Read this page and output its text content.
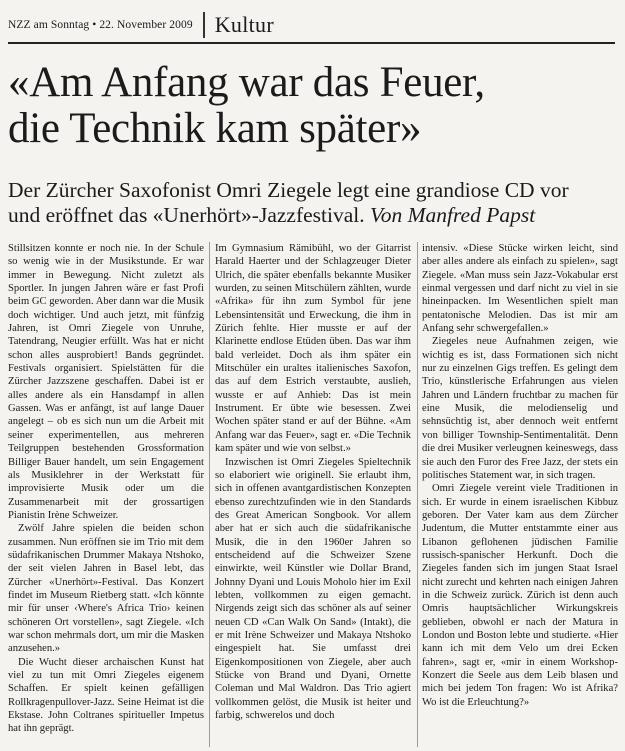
NZZ am Sonntag • 22. November 2009	Kultur
«Am Anfang war das Feuer,
die Technik kam später»
Der Zürcher Saxofonist Omri Ziegele legt eine grandiose CD vor
und eröffnet das «Unerhört»-Jazzfestival. Von Manfred Papst

Stillsitzen konnte er noch nie. In der Schule so wenig wie in der Musikstunde. Er war immer in Bewegung. Nicht zuletzt als Sportler. In jungen Jahren wäre er fast Profi beim GC geworden. Aber dann war die Musik doch wichtiger. Und auch jetzt, mit fünfzig Jahren, ist Omri Ziegele von Unruhe, Tatendrang, Neugier erfüllt. Was hat er nicht schon alles ausprobiert! Bands gegründet. Festivals organisiert. Spielstätten für die Zürcher Jazzszene geschaffen. Dabei ist er alles andere als ein Hansdampf in allen Gassen. Was er anfängt, ist auf lange Dauer angelegt – ob es sich nun um die Arbeit mit seiner experimentellen, aus mehreren Teilgruppen bestehenden Grossformation Billiger Bauer handelt, um sein Engagement als Musiklehrer in der Werkstatt für improvisierte Musik oder um die Zusammenarbeit mit der grossartigen Pianistin Irène Schweizer.

Zwölf Jahre spielen die beiden schon zusammen. Nun eröffnen sie im Trio mit dem südafrikanischen Drummer Makaya Ntshoko, der seit vielen Jahren in Basel lebt, das Zürcher «Unerhört»-Festival. Das Konzert findet im Museum Rietberg statt. «Ich könnte mir für unser ‹Where's Africa Trio› keinen schöneren Ort vorstellen», sagt Ziegele. «Ich war schon mehrmals dort, um mir die Masken anzusehen.»

Die Wucht dieser archaischen Kunst hat viel zu tun mit Omri Ziegeles eigenem Schaffen. Er spielt keinen gefälligen Rollkragenpullover-Jazz. Seine Heimat ist die Ekstase. John Coltranes spiritueller Impetus hat ihn geprägt.

Im Gymnasium Rämibühl, wo der Gitarrist Harald Haerter und der Schlagzeuger Dieter Ulrich, die später ebenfalls bekannte Musiker wurden, zu seinen Mitschülern zählten, wurde «Afrika» für ihn zum Symbol für jene Lebensintensität und Erweckung, die ihm in Zürich fehlte. Hier musste er auf der Klarinette endlose Etüden üben. Das war ihm bald verleidet. Doch als ihm später ein Mitschüler ein uraltes italienisches Saxofon, das auf dem Estrich verstaubte, auslieh, wusste er auf Anhieb: Das ist mein Instrument. Er übte wie besessen. Zwei Wochen später stand er auf der Bühne. «Am Anfang war das Feuer», sagt er. «Die Technik kam später und wie von selbst.»

Inzwischen ist Omri Ziegeles Spieltechnik so elaboriert wie originell. Sie erlaubt ihm, sich in offenen avantgardistischen Konzepten ebenso zurechtzufinden wie in den Standards des Great American Songbook. Vor allem aber hat er sich auch die südafrikanische Musik, die in den 1960er Jahren so entscheidend auf die Schweizer Szene einwirkte, weil Künstler wie Dollar Brand, Johnny Dyani und Louis Moholo hier im Exil lebten, vollkommen zu eigen gemacht. Nirgends zeigt sich das schöner als auf seiner neuen CD «Can Walk On Sand» (Intakt), die er mit Irène Schweizer und Makaya Ntshoko eingespielt hat. Sie umfasst drei Eigenkompositionen von Ziegele, aber auch Stücke von Brand und Dyani, Ornette Coleman und Mal Waldron. Das Trio agiert vollkommen gelöst, die Musik ist heiter und farbig, schwerelos und doch

intensiv. «Diese Stücke wirken leicht, sind aber alles andere als einfach zu spielen», sagt Ziegele. «Man muss sein Jazz-Vokabular erst einmal vergessen und darf nicht zu viel in sie hineinpacken. Im Wesentlichen spielt man pentatonische Melodien. Das ist mir am Anfang sehr schwergefallen.»

Ziegeles neue Aufnahmen zeigen, wie wichtig es ist, dass Formationen sich nicht nur zu einzelnen Gigs treffen. Es gelingt dem Trio, künstlerische Erfahrungen aus vielen Jahren und Ländern fruchtbar zu machen für eine Musik, die melodienselig und sehnsüchtig ist, aber dennoch weit entfernt von billiger Township-Sentimentalität. Denn die drei Musiker verleugnen keineswegs, dass sie auch den Furor des Free Jazz, der stets ein politisches Statement war, in sich tragen.

Omri Ziegele vereint viele Traditionen in sich. Er wurde in einem israelischen Kibbuz geboren. Der Vater kam aus dem Zürcher Judentum, die Mutter entstammte einer aus Libanon geflohenen jüdischen Familie russisch-spanischer Herkunft. Doch die Ziegeles fanden sich im jungen Staat Israel nicht zurecht und kehrten nach einigen Jahren in die Schweiz zurück. Zürich ist denn auch Omris hauptsächlicher Wirkungskreis geblieben, obwohl er nach der Matura in London und Boston lebte und studierte. «Hier kann ich mit dem Velo um drei Ecken fahren», sagt er, «mir in einem Workshop-Konzert die Seele aus dem Leib blasen und mich bei jedem Ton fragen: Wo ist Afrika? Wo ist die Erleuchtung?»
